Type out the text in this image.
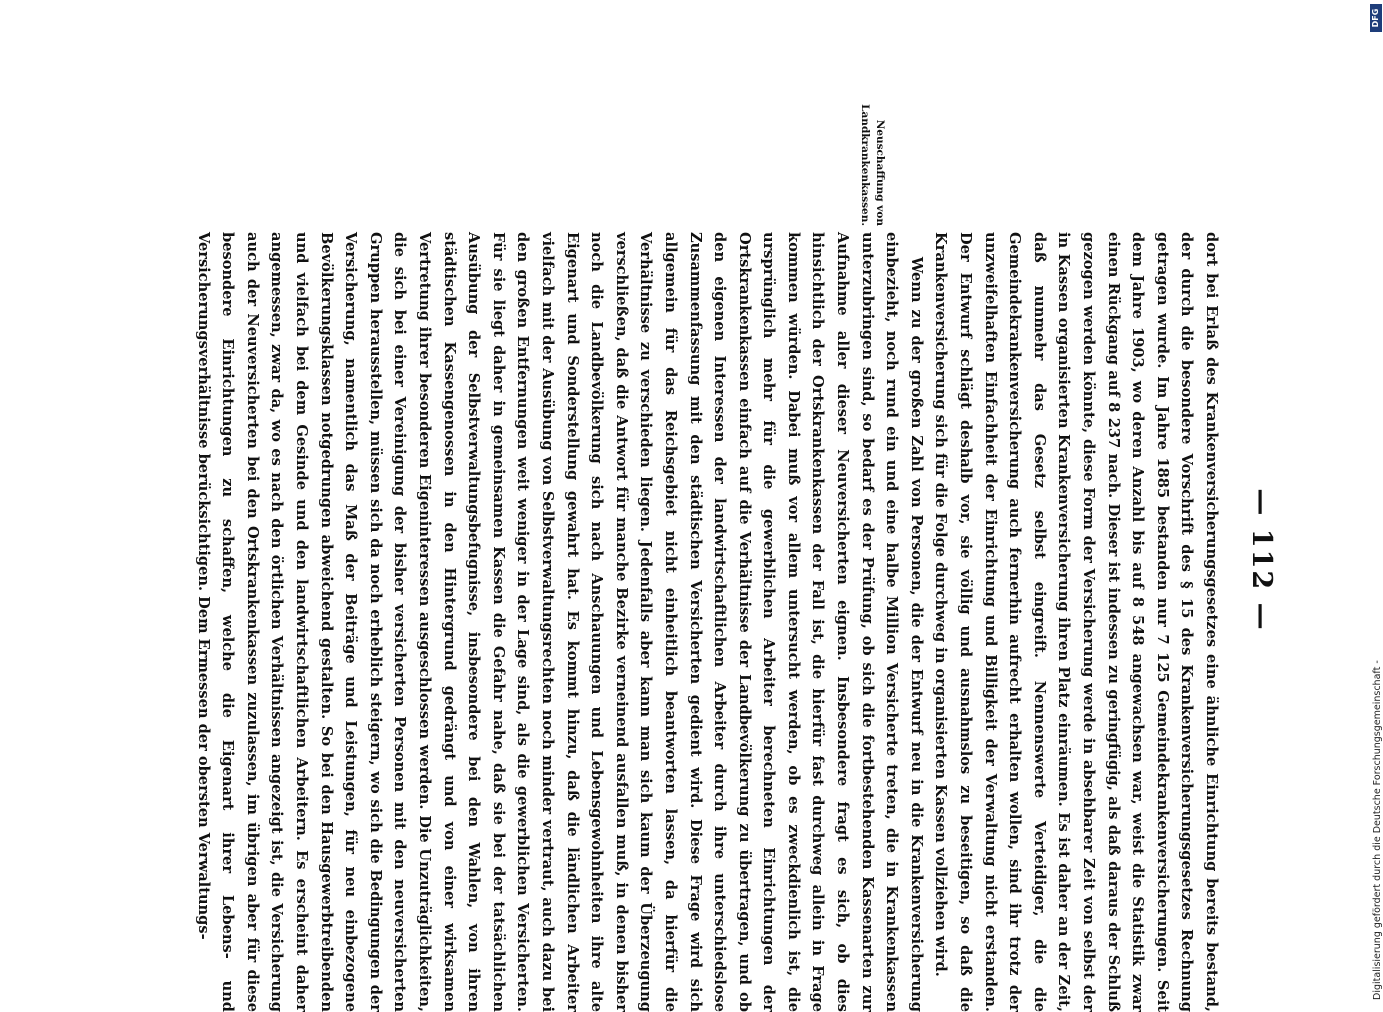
— 112 —
Neuschaffung von Landkrankenkassen.

dort bei Erlaß des Krankenversicherungsgesetzes eine ähnliche Einrichtung bereits bestand, der durch die besondere Vorschrift des § 15 des Krankenversicherungsgesetzes Rechnung getragen wurde. Im Jahre 1885 bestanden nur 7 125 Gemeindekrankenversicherungen. Seit dem Jahre 1903, wo deren Anzahl bis auf 8 548 angewachsen war, weist die Statistik zwar einen Rückgang auf 8 237 nach. Dieser ist indessen zu geringfügig, als daß daraus der Schluß gezogen werden könnte, diese Form der Versicherung werde in absehbarer Zeit von selbst der in Kassen organisierten Krankenversicherung ihren Platz einräumen. Es ist daher an der Zeit, daß nunmehr das Gesetz selbst eingreift. Nennenswerte Verteidiger, die die Gemeindekrankenversicherung auch fernerhin aufrecht erhalten wollen, sind ihr trotz der unzweifelhaften Einfachheit der Einrichtung und Billigkeit der Verwaltung nicht erstanden. Der Entwurf schlägt deshalb vor, sie völlig und ausnahmslos zu beseitigen, so daß die Krankenversicherung sich für die Folge durchweg in organisierten Kassen vollziehen wird.

Wenn zu der großen Zahl von Personen, die der Entwurf neu in die Krankenversicherung einbezieht, noch rund ein und eine halbe Million Versicherte treten, die in Krankenkassen unterzubringen sind, so bedarf es der Prüfung, ob sich die fortbestehenden Kassenarten zur Aufnahme aller dieser Neuversicherten eignen. Insbesondere fragt es sich, ob dies hinsichtlich der Ortskrankenkassen der Fall ist, die hierfür fast durchweg allein in Frage kommen würden. Dabei muß vor allem untersucht werden, ob es zweckdienlich ist, die ursprünglich mehr für die gewerblichen Arbeiter berechneten Einrichtungen der Ortskrankenkassen einfach auf die Verhältnisse der Landbevölkerung zu übertragen, und ob den eigenen Interessen der landwirtschaftlichen Arbeiter durch ihre unterschiedslose Zusammenfassung mit den städtischen Versicherten gedient wird. Diese Frage wird sich allgemein für das Reichsgebiet nicht einheitlich beantworten lassen, da hierfür die Verhältnisse zu verschieden liegen. Jedenfalls aber kann man sich kaum der Überzeugung verschließen, daß die Antwort für manche Bezirke verneinend ausfallen muß, in denen bisher noch die Landbevölkerung sich nach Anschauungen und Lebensgewohnheiten ihre alte Eigenart und Sonderstellung gewahrt hat. Es kommt hinzu, daß die ländlichen Arbeiter vielfach mit der Ausübung von Selbstverwaltungsrechten noch minder vertraut, auch dazu bei den großen Entfernungen weit weniger in der Lage sind, als die gewerblichen Versicherten. Für sie liegt daher in gemeinsamen Kassen die Gefahr nahe, daß sie bei der tatsächlichen Ausübung der Selbstverwaltungsbefugnisse, insbesondere bei den Wahlen, von ihren städtischen Kassengenossen in den Hintergrund gedrängt und von einer wirksamen Vertretung ihrer besonderen Eigeninteressen ausgeschlossen werden. Die Unzuträglichkeiten, die sich bei einer Vereinigung der bisher versicherten Personen mit den neuversicherten Gruppen herausstellen, müssen sich da noch erheblich steigern, wo sich die Bedingungen der Versicherung, namentlich das Maß der Beiträge und Leistungen, für neu einbezogene Bevölkerungsklassen notgedrungen abweichend gestalten. So bei den Hausgewerbtreibenden und vielfach bei dem Gesinde und den landwirtschaftlichen Arbeitern. Es erscheint daher angemessen, zwar da, wo es nach den örtlichen Verhältnissen angezeigt ist, die Versicherung auch der Neuversicherten bei den Ortskrankenkassen zuzulassen, im übrigen aber für diese besondere Einrichtungen zu schaffen, welche die Eigenart ihrer Lebens- und Versicherungsverhältnisse berücksichtigen. Dem Ermessen der obersten Verwaltungs-	Digitalisierung gefördert durch die Deutsche Forschungsgemeinschaft -
DFG
